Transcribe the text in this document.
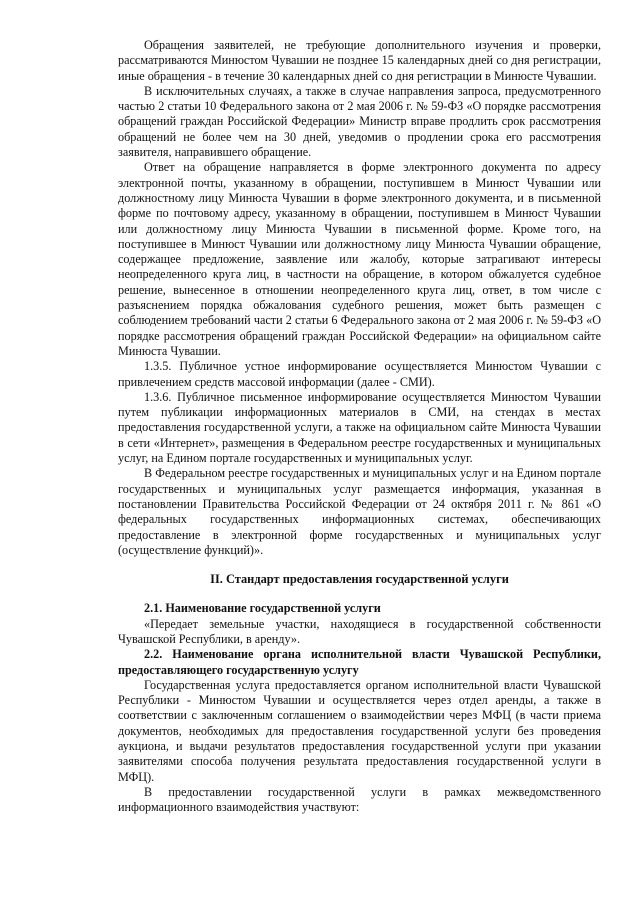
Обращения заявителей, не требующие дополнительного изучения и проверки, рассматриваются Минюстом Чувашии не позднее 15 календарных дней со дня регистрации, иные обращения - в течение 30 календарных дней со дня регистрации в Минюсте Чувашии.

В исключительных случаях, а также в случае направления запроса, предусмотренного частью 2 статьи 10 Федерального закона от 2 мая 2006 г. № 59-ФЗ «О порядке рассмотрения обращений граждан Российской Федерации» Министр вправе продлить срок рассмотрения обращений не более чем на 30 дней, уведомив о продлении срока его рассмотрения заявителя, направившего обращение.

Ответ на обращение направляется в форме электронного документа по адресу электронной почты, указанному в обращении, поступившем в Минюст Чувашии или должностному лицу Минюста Чувашии в форме электронного документа, и в письменной форме по почтовому адресу, указанному в обращении, поступившем в Минюст Чувашии или должностному лицу Минюста Чувашии в письменной форме. Кроме того, на поступившее в Минюст Чувашии или должностному лицу Минюста Чувашии обращение, содержащее предложение, заявление или жалобу, которые затрагивают интересы неопределенного круга лиц, в частности на обращение, в котором обжалуется судебное решение, вынесенное в отношении неопределенного круга лиц, ответ, в том числе с разъяснением порядка обжалования судебного решения, может быть размещен с соблюдением требований части 2 статьи 6 Федерального закона от 2 мая 2006 г. № 59-ФЗ «О порядке рассмотрения обращений граждан Российской Федерации» на официальном сайте Минюста Чувашии.

1.3.5. Публичное устное информирование осуществляется Минюстом Чувашии с привлечением средств массовой информации (далее - СМИ).

1.3.6. Публичное письменное информирование осуществляется Минюстом Чувашии путем публикации информационных материалов в СМИ, на стендах в местах предоставления государственной услуги, а также на официальном сайте Минюста Чувашии в сети «Интернет», размещения в Федеральном реестре государственных и муниципальных услуг, на Едином портале государственных и муниципальных услуг.

В Федеральном реестре государственных и муниципальных услуг и на Едином портале государственных и муниципальных услуг размещается информация, указанная в постановлении Правительства Российской Федерации от 24 октября 2011 г. № 861 «О федеральных государственных информационных системах, обеспечивающих предоставление в электронной форме государственных и муниципальных услуг (осуществление функций)».

II. Стандарт предоставления государственной услуги
2.1. Наименование государственной услуги

«Передает земельные участки, находящиеся в государственной собственности Чувашской Республики, в аренду».

2.2. Наименование органа исполнительной власти Чувашской Республики, предоставляющего государственную услугу

Государственная услуга предоставляется органом исполнительной власти Чувашской Республики - Минюстом Чувашии и осуществляется через отдел аренды, а также в соответствии с заключенным соглашением о взаимодействии через МФЦ (в части приема документов, необходимых для предоставления государственной услуги без проведения аукциона, и выдачи результатов предоставления государственной услуги при указании заявителями способа получения результата предоставления государственной услуги в МФЦ).

В предоставлении государственной услуги в рамках межведомственного информационного взаимодействия участвуют:
